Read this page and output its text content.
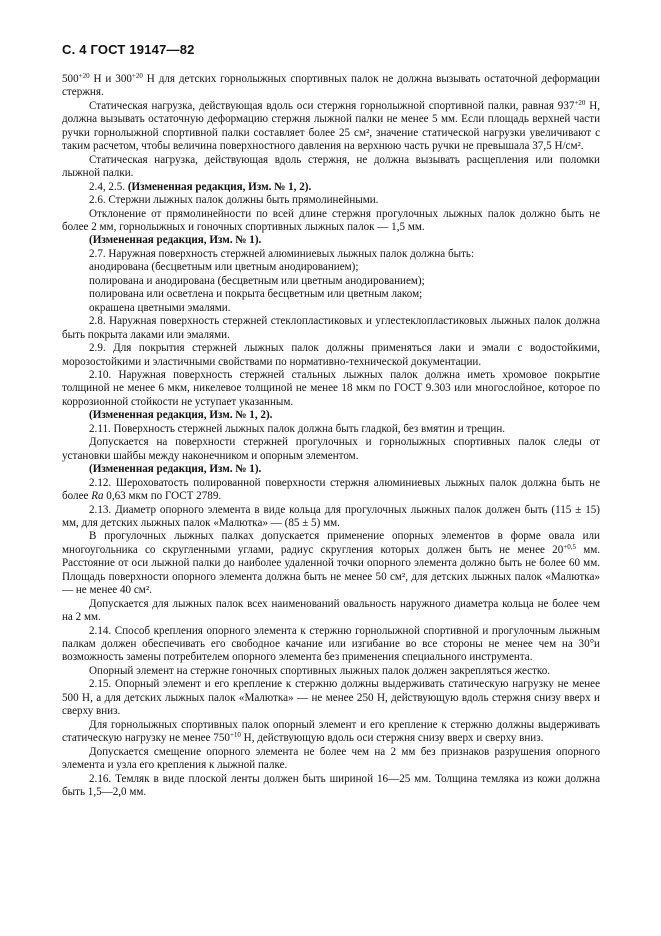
С. 4 ГОСТ 19147—82

$500^{+20}$ Н и $300^{+20}$ Н для детских горнолыжных спортивных палок не должна вызывать остаточной деформации стержня.

Статическая нагрузка, действующая вдоль оси стержня горнолыжной спортивной палки, равная $937^{+20}$ Н, должна вызывать остаточную деформацию стержня лыжной палки не менее 5 мм. Если площадь верхней части ручки горнолыжной спортивной палки составляет более 25 см², значение статической нагрузки увеличивают с таким расчетом, чтобы величина поверхностного давления на верхнюю часть ручки не превышала 37,5 Н/см².

Статическая нагрузка, действующая вдоль стержня, не должна вызывать расщепления или поломки лыжной палки.

2.4, 2.5. (Измененная редакция, Изм. № 1, 2).

2.6. Стержни лыжных палок должны быть прямолинейными.

Отклонение от прямолинейности по всей длине стержня прогулочных лыжных палок должно быть не более 2 мм, горнолыжных и гоночных спортивных лыжных палок — 1,5 мм.

(Измененная редакция, Изм. № 1).

2.7. Наружная поверхность стержней алюминиевых лыжных палок должна быть:

анодирована (бесцветным или цветным анодированием);

полирована и анодирована (бесцветным или цветным анодированием);

полирована или осветлена и покрыта бесцветным или цветным лаком;

окрашена цветными эмалями.

2.8. Наружная поверхность стержней стеклопластиковых и углестеклопластиковых лыжных палок должна быть покрыта лаками или эмалями.

2.9. Для покрытия стержней лыжных палок должны применяться лаки и эмали с водостойкими, морозостойкими и эластичными свойствами по нормативно-технической документации.

2.10. Наружная поверхность стержней стальных лыжных палок должна иметь хромовое покрытие толщиной не менее 6 мкм, никелевое толщиной не менее 18 мкм по ГОСТ 9.303 или многослойное, которое по коррозионной стойкости не уступает указанным.

(Измененная редакция, Изм. № 1, 2).

2.11. Поверхность стержней лыжных палок должна быть гладкой, без вмятин и трещин.

Допускается на поверхности стержней прогулочных и горнолыжных спортивных палок следы от установки шайбы между наконечником и опорным элементом.

(Измененная редакция, Изм. № 1).

2.12. Шероховатость полированной поверхности стержня алюминиевых лыжных палок должна быть не более Ra 0,63 мкм по ГОСТ 2789.

2.13. Диаметр опорного элемента в виде кольца для прогулочных лыжных палок должен быть (115 ± 15) мм, для детских лыжных палок «Малютка» — (85 ± 5) мм.

В прогулочных лыжных палках допускается применение опорных элементов в форме овала или многоугольника со скругленными углами, радиус скругления которых должен быть не менее $20^{+0,5}$ мм. Расстояние от оси лыжной палки до наиболее удаленной точки опорного элемента должно быть не более 60 мм. Площадь поверхности опорного элемента должна быть не менее 50 см², для детских лыжных палок «Малютка» — не менее 40 см².

Допускается для лыжных палок всех наименований овальность наружного диаметра кольца не более чем на 2 мм.

2.14. Способ крепления опорного элемента к стержню горнолыжной спортивной и прогулочным лыжным палкам должен обеспечивать его свободное качание или изгибание во все стороны не менее чем на 30°и возможность замены потребителем опорного элемента без применения специального инструмента.

Опорный элемент на стержне гоночных спортивных лыжных палок должен закрепляться жестко.

2.15. Опорный элемент и его крепление к стержню должны выдерживать статическую нагрузку не менее 500 Н, а для детских лыжных палок «Малютка» — не менее 250 Н, действующую вдоль стержня снизу вверх и сверху вниз.

Для горнолыжных спортивных палок опорный элемент и его крепление к стержню должны выдерживать статическую нагрузку не менее $750^{+10}$ Н, действующую вдоль оси стержня снизу вверх и сверху вниз.

Допускается смещение опорного элемента не более чем на 2 мм без признаков разрушения опорного элемента и узла его крепления к лыжной палке.

2.16. Темляк в виде плоской ленты должен быть шириной 16—25 мм. Толщина темляка из кожи должна быть 1,5—2,0 мм.
